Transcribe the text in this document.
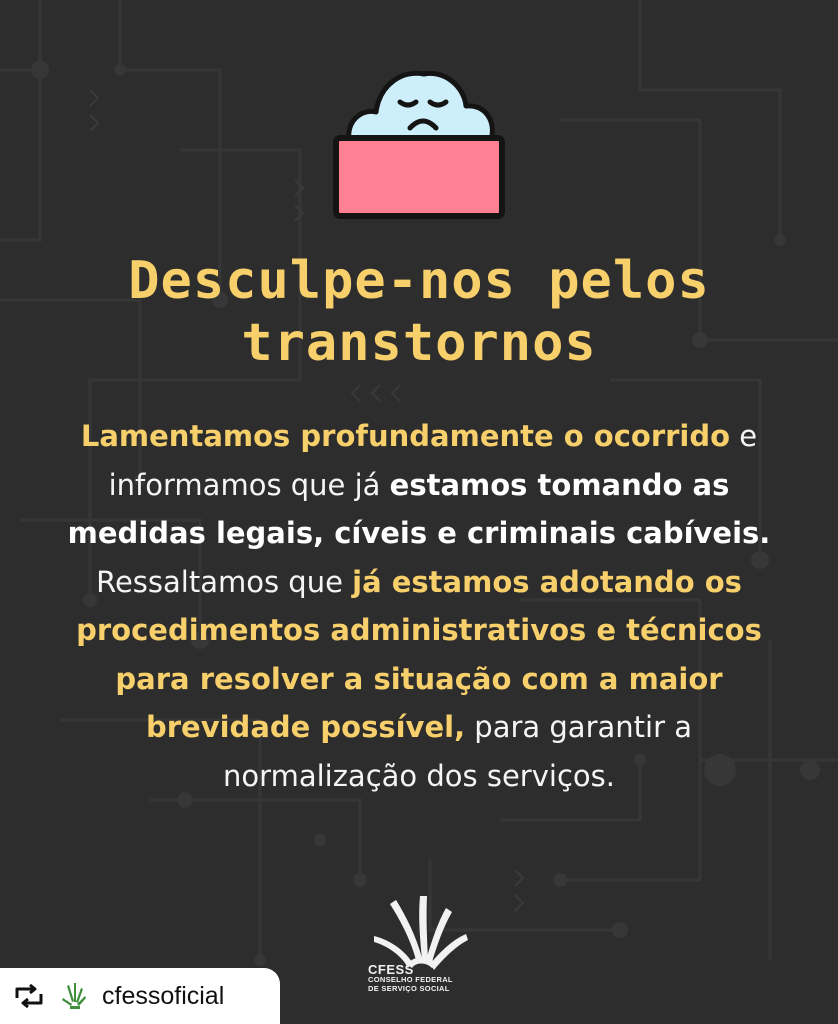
Desculpe-nos pelos
transtornos
Lamentamos profundamente o ocorrido e informamos que já estamos tomando as medidas legais, cíveis e criminais cabíveis. Ressaltamos que já estamos adotando os procedimentos administrativos e técnicos para resolver a situação com a maior brevidade possível, para garantir a normalização dos serviços.
CFESS
CONSELHO FEDERAL
DE SERVIÇO SOCIAL
cfessoficial
